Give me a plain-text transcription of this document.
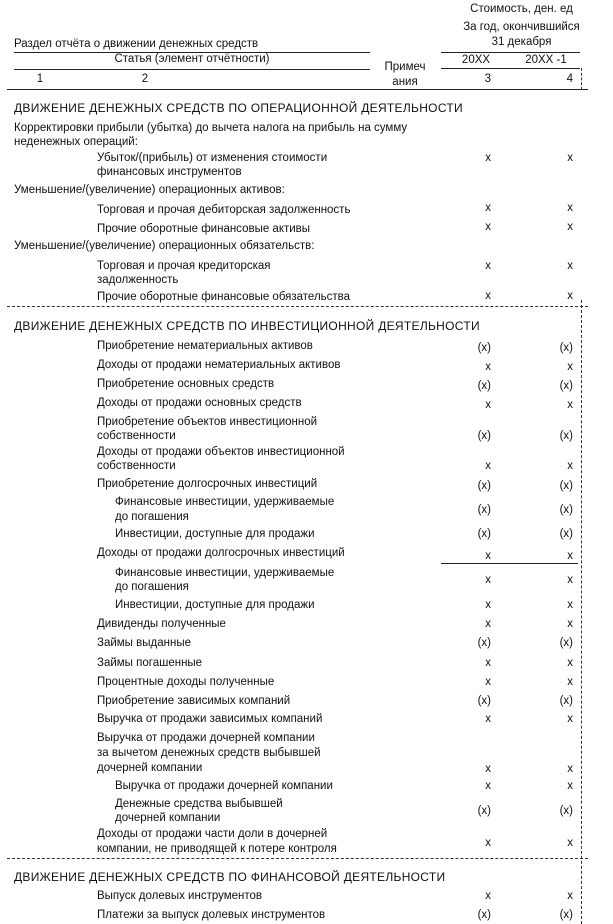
Стоимость, ден. ед
За год, окончившийся
31 декабря
Раздел отчёта о движении денежных средств
Статья (элемент отчётности)
Примеч
ания
20XX	20XX -1
1	2	3	4
ДВИЖЕНИЕ ДЕНЕЖНЫХ СРЕДСТВ ПО ОПЕРАЦИОННОЙ ДЕЯТЕЛЬНОСТИ
Корректировки прибыли (убытка) до вычета налога на прибыль на сумму
неденежных операций:
Убыток/(прибыль) от изменения стоимости
финансовых инструментов
x	x
Уменьшение/(увеличение) операционных активов:
Торговая и прочая дебиторская задолженность	x	x
Прочие оборотные финансовые активы	x	x
Уменьшение/(увеличение) операционных обязательств:
Торговая и прочая кредиторская
задолженность
x	x
Прочие оборотные финансовые обязательства	x	x
ДВИЖЕНИЕ ДЕНЕЖНЫХ СРЕДСТВ ПО ИНВЕСТИЦИОННОЙ ДЕЯТЕЛЬНОСТИ
Приобретение нематериальных активов	(x)	(x)
Доходы от продажи нематериальных активов	x	x
Приобретение основных средств	(x)	(x)
Доходы от продажи основных средств	x	x
Приобретение объектов инвестиционной
собственности	(x)	(x)
Доходы от продажи объектов инвестиционной
собственности	x	x
Приобретение долгосрочных инвестиций	(x)	(x)
Финансовые инвестиции, удерживаемые
до погашения
(x)	(x)
Инвестиции, доступные для продажи	(x)	(x)
Доходы от продажи долгосрочных инвестиций	x	x
Финансовые инвестиции, удерживаемые
до погашения
x	x
Инвестиции, доступные для продажи	x	x
Дивиденды полученные	x	x
Займы выданные	(x)	(x)
Займы погашенные	x	x
Процентные доходы полученные	x	x
Приобретение зависимых компаний	(x)	(x)
Выручка от продажи зависимых компаний	x	x
Выручка от продажи дочерней компании
за вычетом денежных средств выбывшей
дочерней компании	x	x
Выручка от продажи дочерней компании	x	x
Денежные средства выбывшей
дочерней компании
(x)	(x)
Доходы от продажи части доли в дочерней
компании, не приводящей к потере контроля	x	x
ДВИЖЕНИЕ ДЕНЕЖНЫХ СРЕДСТВ ПО ФИНАНСОВОЙ ДЕЯТЕЛЬНОСТИ
Выпуск долевых инструментов	x	x
Платежи за выпуск долевых инструментов	(x)	(x)
